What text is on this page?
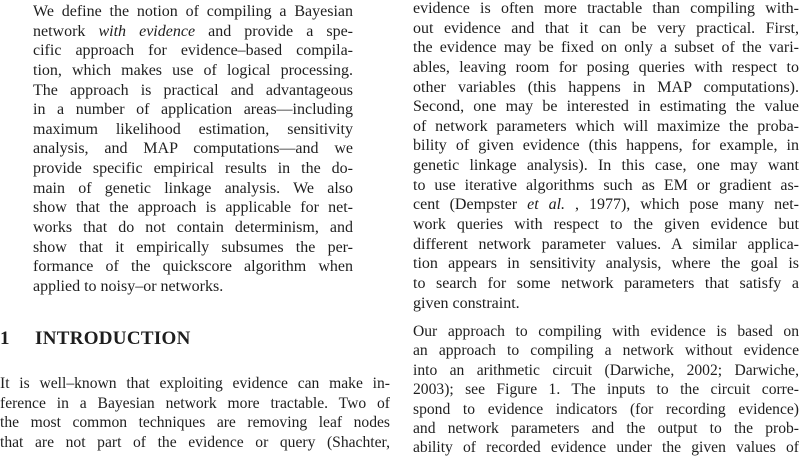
We define the notion of compiling a Bayesian
network with evidence and provide a spe-
cific approach for evidence–based compila-
tion, which makes use of logical processing.
The approach is practical and advantageous
in a number of application areas—including
maximum likelihood estimation, sensitivity
analysis, and MAP computations—and we
provide specific empirical results in the do-
main of genetic linkage analysis. We also
show that the approach is applicable for net-
works that do not contain determinism, and
show that it empirically subsumes the per-
formance of the quickscore algorithm when
applied to noisy–or networks.
1 INTRODUCTION
It is well–known that exploiting evidence can make in-
ference in a Bayesian network more tractable. Two of
the most common techniques are removing leaf nodes
that are not part of the evidence or query (Shachter,
evidence is often more tractable than compiling with-
out evidence and that it can be very practical. First,
the evidence may be fixed on only a subset of the vari-
ables, leaving room for posing queries with respect to
other variables (this happens in MAP computations).
Second, one may be interested in estimating the value
of network parameters which will maximize the proba-
bility of given evidence (this happens, for example, in
genetic linkage analysis). In this case, one may want
to use iterative algorithms such as EM or gradient as-
cent (Dempster et al. , 1977), which pose many net-
work queries with respect to the given evidence but
different network parameter values. A similar applica-
tion appears in sensitivity analysis, where the goal is
to search for some network parameters that satisfy a
given constraint.
Our approach to compiling with evidence is based on
an approach to compiling a network without evidence
into an arithmetic circuit (Darwiche, 2002; Darwiche,
2003); see Figure 1. The inputs to the circuit corre-
spond to evidence indicators (for recording evidence)
and network parameters and the output to the prob-
ability of recorded evidence under the given values of
